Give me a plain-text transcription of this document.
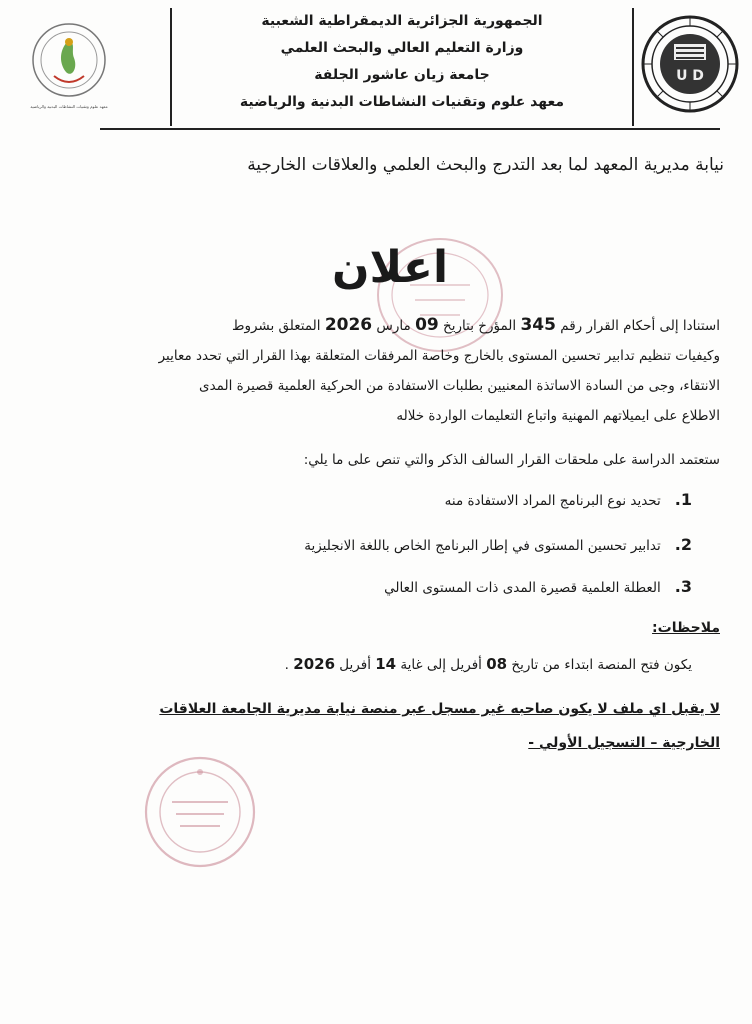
U D
الجمهورية الجزائرية الديمقراطية الشعبية
وزارة التعليم العالي والبحث العلمي
جامعة زيان عاشور الجلفة
معهد علوم وتقنيات النشاطات البدنية والرياضية
معهد علوم وتقنيات النشاطات البدنية والرياضية
نيابة مديرية المعهد لما بعد التدرج والبحث العلمي والعلاقات الخارجية
اعلان
استنادا إلى أحكام القرار رقم 345 المؤرخ بتاريخ 09 مارس 2026 المتعلق بشروط
وكيفيات تنظيم تدابير تحسين المستوى بالخارج وخاصة المرفقات المتعلقة بهذا القرار التي تحدد معايير
الانتقاء، وجى من السادة الاساتذة المعنيين بطلبات الاستفادة من الحركية العلمية قصيرة المدى
الاطلاع على ايميلاتهم المهنية واتباع التعليمات الواردة خلاله
ستعتمد الدراسة على ملحقات القرار السالف الذكر والتي تنص على ما يلي:
1.تحديد نوع البرنامج المراد الاستفادة منه
2.تدابير تحسين المستوى في إطار البرنامج الخاص باللغة الانجليزية
3.العطلة العلمية قصيرة المدى ذات المستوى العالي
ملاحظات:
يكون فتح المنصة ابتداء من تاريخ 08 أفريل إلى غاية 14 أفريل 2026 .
لا يقبل اي ملف لا يكون صاحبه غير مسجل عبر منصة نيابة مديرية الجامعة العلاقات
الخارجية – التسجيل الأولي -
